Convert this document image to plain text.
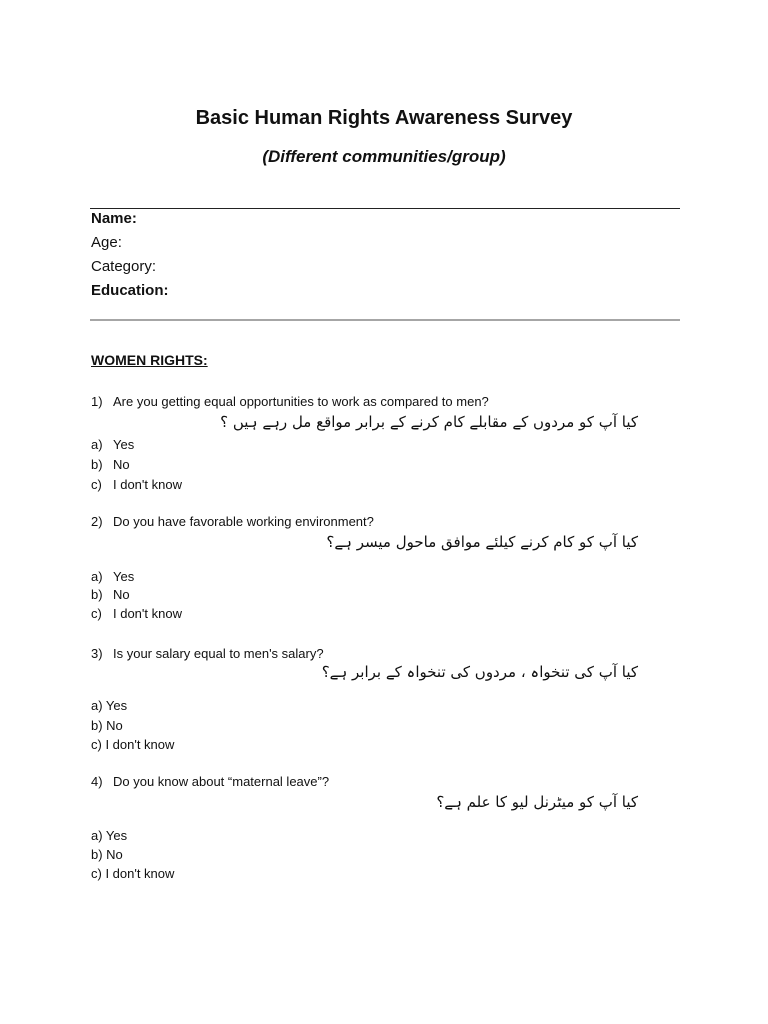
Basic Human Rights Awareness Survey
(Different communities/group)
Name:
Age:
Category:
Education:
WOMEN RIGHTS:
1) Are you getting equal opportunities to work as compared to men?
کیا آپ کو مردوں کے مقابلے کام کرنے کے برابر مواقع مل رہے ہیں ؟
a) Yes
b) No
c) I don't know
2) Do you have favorable working environment?
کیا آپ کو کام کرنے کیلئے موافق ماحول میسر ہے؟
a) Yes
b) No
c) I don't know
3) Is your salary equal to men's salary?
کیا آپ کی تنخواہ ، مردوں کی تنخواہ کے برابر ہے؟
a) Yes
b) No
c) I don't know
4) Do you know about “maternal leave”?
کیا آپ کو میٹرنل لیو کا علم ہے؟
a) Yes
b) No
c) I don't know
